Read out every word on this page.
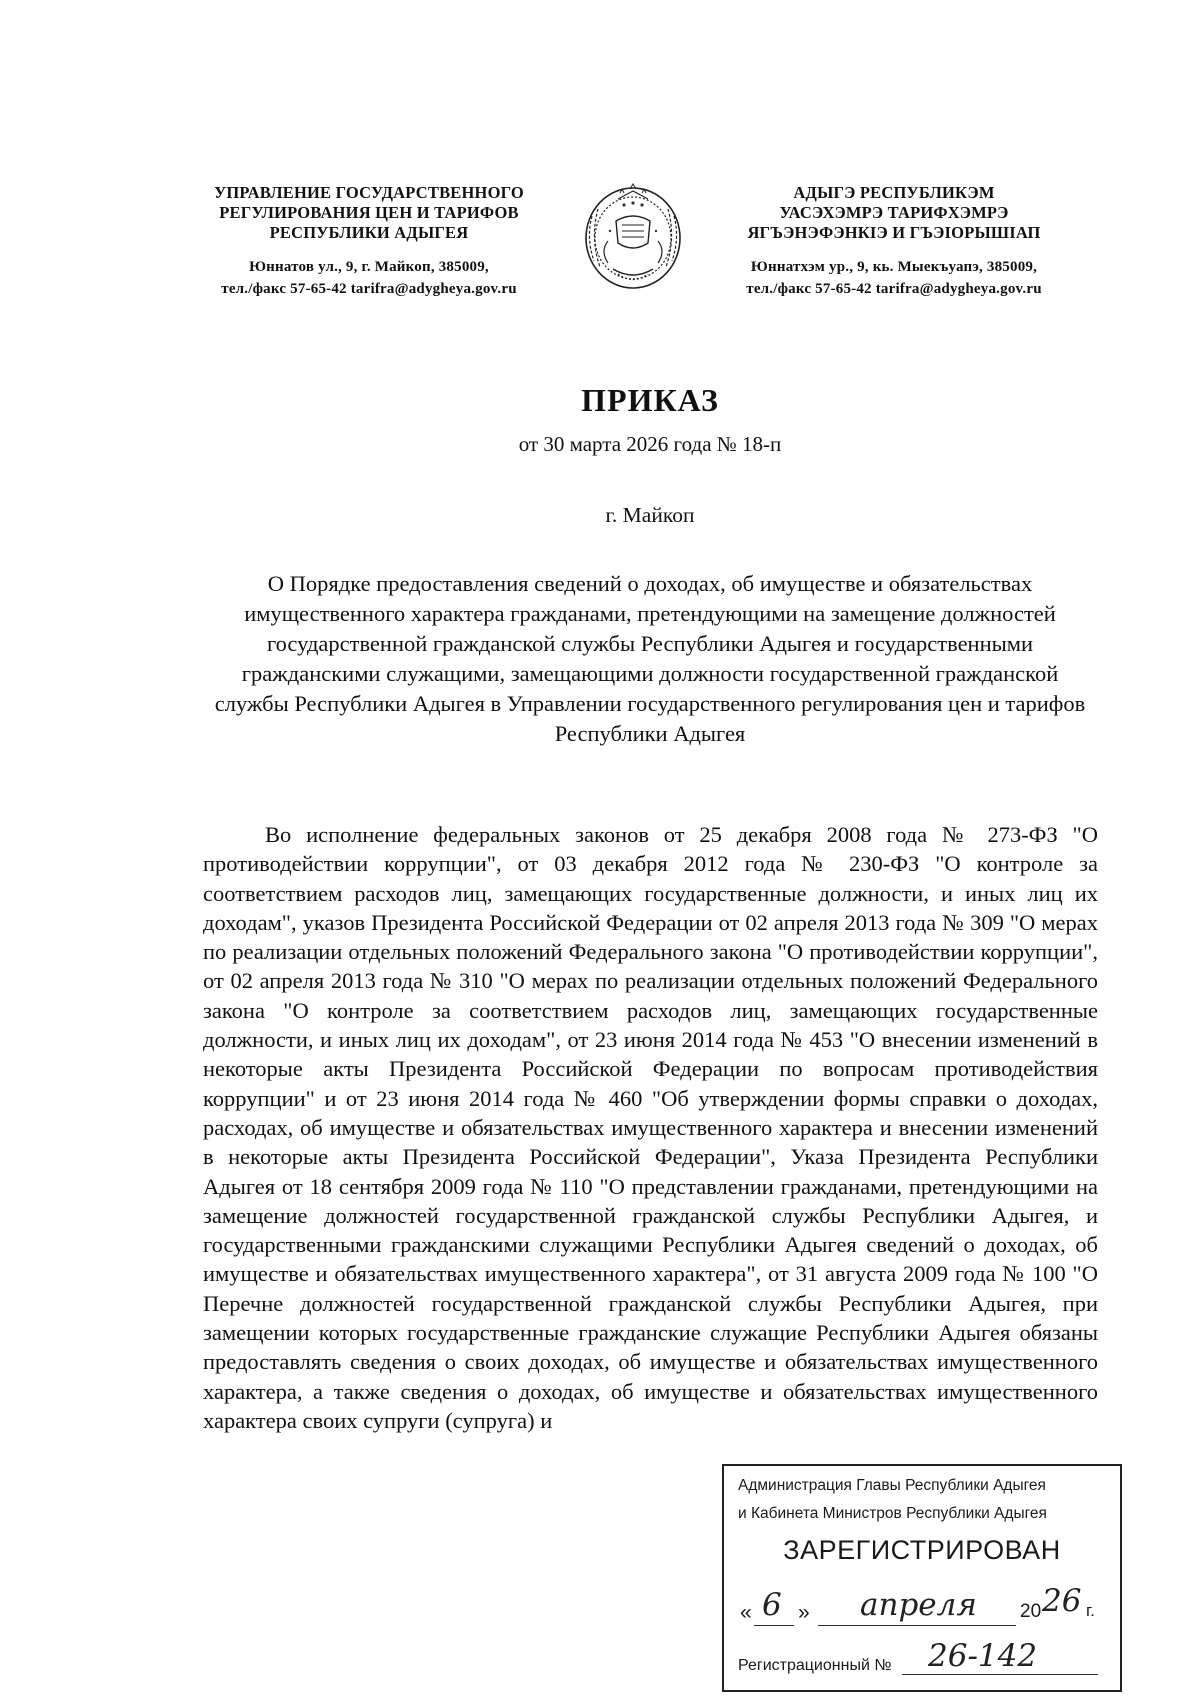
УПРАВЛЕНИЕ ГОСУДАРСТВЕННОГО
РЕГУЛИРОВАНИЯ ЦЕН И ТАРИФОВ
РЕСПУБЛИКИ АДЫГЕЯ
Юннатов ул., 9, г. Майкоп, 385009,
тел./факс 57-65-42 tarifra@adygheya.gov.ru
АДЫГЭ РЕСПУБЛИКЭМ
УАСЭХЭМРЭ ТАРИФХЭМРЭ
ЯГЪЭНЭФЭНКIЭ И ГЪЭIОРЫШIАП
Юннатхэм ур., 9, кь. Мыекъуапэ, 385009,
тел./факс 57-65-42 tarifra@adygheya.gov.ru
ПРИКАЗ
от 30 марта 2026 года № 18-п
г. Майкоп
О Порядке предоставления сведений о доходах, об имуществе и обязательствах имущественного характера гражданами, претендующими на замещение должностей государственной гражданской службы Республики Адыгея и государственными гражданскими служащими, замещающими должности государственной гражданской службы Республики Адыгея в Управлении государственного регулирования цен и тарифов Республики Адыгея

Во исполнение федеральных законов от 25 декабря 2008 года № 273-ФЗ "О противодействии коррупции", от 03 декабря 2012 года № 230-ФЗ "О контроле за соответствием расходов лиц, замещающих государственные должности, и иных лиц их доходам", указов Президента Российской Федерации от 02 апреля 2013 года № 309 "О мерах по реализации отдельных положений Федерального закона "О противодействии коррупции", от 02 апреля 2013 года № 310 "О мерах по реализации отдельных положений Федерального закона "О контроле за соответствием расходов лиц, замещающих государственные должности, и иных лиц их доходам", от 23 июня 2014 года № 453 "О внесении изменений в некоторые акты Президента Российской Федерации по вопросам противодействия коррупции" и от 23 июня 2014 года № 460 "Об утверждении формы справки о доходах, расходах, об имуществе и обязательствах имущественного характера и внесении изменений в некоторые акты Президента Российской Федерации", Указа Президента Республики Адыгея от 18 сентября 2009 года № 110 "О представлении гражданами, претендующими на замещение должностей государственной гражданской службы Республики Адыгея, и государственными гражданскими служащими Республики Адыгея сведений о доходах, об имуществе и обязательствах имущественного характера", от 31 августа 2009 года № 100 "О Перечне должностей государственной гражданской службы Республики Адыгея, при замещении которых государственные гражданские служащие Республики Адыгея обязаны предоставлять сведения о своих доходах, об имуществе и обязательствах имущественного характера, а также сведения о доходах, об имуществе и обязательствах имущественного характера своих супруги (супруга) и

Администрация Главы Республики Адыгея
и Кабинета Министров Республики Адыгея
ЗАРЕГИСТРИРОВАН
« 6 » апреля 20 26 г.
Регистрационный № 26-142
